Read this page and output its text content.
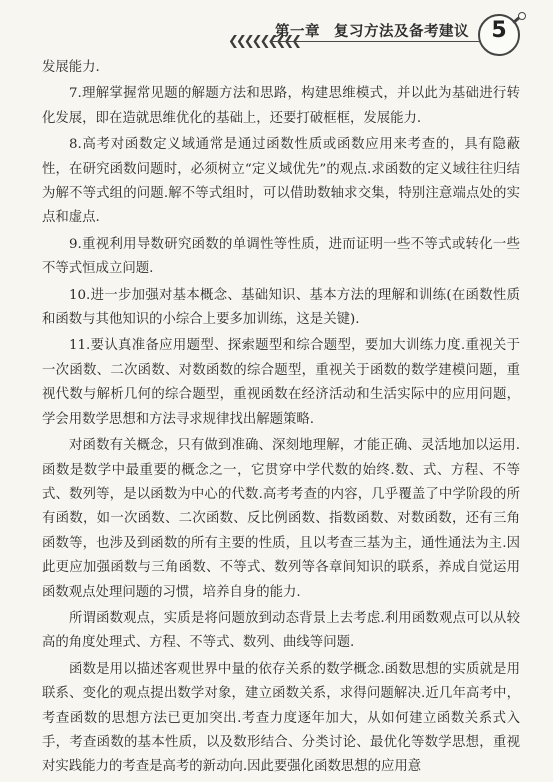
❮❮❮❮❮❮❮❮❮
第一章 复习方法及备考建议	5

发展能力.

7.理解掌握常见题的解题方法和思路，构建思维模式，并以此为基础进行转化发展，即在造就思维优化的基础上，还要打破框框，发展能力.

8.高考对函数定义域通常是通过函数性质或函数应用来考查的，具有隐蔽性，在研究函数问题时，必须树立“定义域优先”的观点.求函数的定义域往往归结为解不等式组的问题.解不等式组时，可以借助数轴求交集，特别注意端点处的实点和虚点.

9.重视利用导数研究函数的单调性等性质，进而证明一些不等式或转化一些不等式恒成立问题.

10.进一步加强对基本概念、基础知识、基本方法的理解和训练(在函数性质和函数与其他知识的小综合上要多加训练，这是关键).

11.要认真准备应用题型、探索题型和综合题型，要加大训练力度.重视关于一次函数、二次函数、对数函数的综合题型，重视关于函数的数学建模问题，重视代数与解析几何的综合题型，重视函数在经济活动和生活实际中的应用问题，学会用数学思想和方法寻求规律找出解题策略.

对函数有关概念，只有做到准确、深刻地理解，才能正确、灵活地加以运用.函数是数学中最重要的概念之一，它贯穿中学代数的始终.数、式、方程、不等式、数列等，是以函数为中心的代数.高考考查的内容，几乎覆盖了中学阶段的所有函数，如一次函数、二次函数、反比例函数、指数函数、对数函数，还有三角函数等，也涉及到函数的所有主要的性质，且以考查三基为主，通性通法为主.因此更应加强函数与三角函数、不等式、数列等各章间知识的联系，养成自觉运用函数观点处理问题的习惯，培养自身的能力.

所谓函数观点，实质是将问题放到动态背景上去考虑.利用函数观点可以从较高的角度处理式、方程、不等式、数列、曲线等问题.

函数是用以描述客观世界中量的依存关系的数学概念.函数思想的实质就是用联系、变化的观点提出数学对象，建立函数关系，求得问题解决.近几年高考中，考查函数的思想方法已更加突出.考查力度逐年加大，从如何建立函数关系式入手，考查函数的基本性质，以及数形结合、分类讨论、最优化等数学思想，重视对实践能力的考查是高考的新动向.因此要强化函数思想的应用意
